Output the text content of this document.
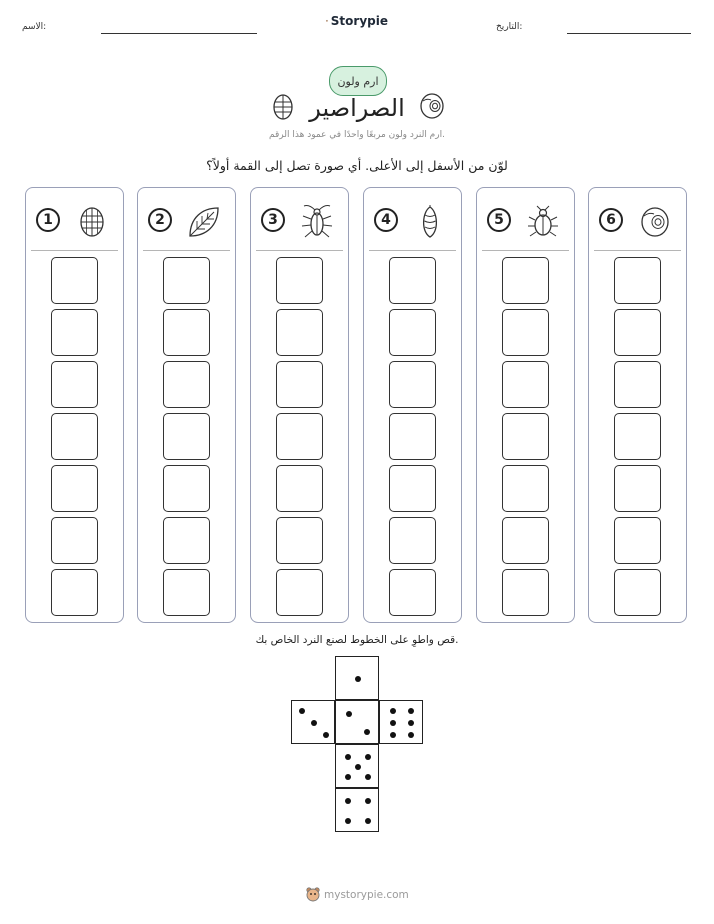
الاسم:	التاريخ:
Storypie
ارم ولون
الصراصير
ارم النرد ولون مربعًا واحدًا في عمود هذا الرقم.
لوّن من الأسفل إلى الأعلى. أي صورة تصل إلى القمة أولاً؟
6
5
4
3
2
1
قص واطوِ على الخطوط لصنع النرد الخاص بك.
mystorypie.com
